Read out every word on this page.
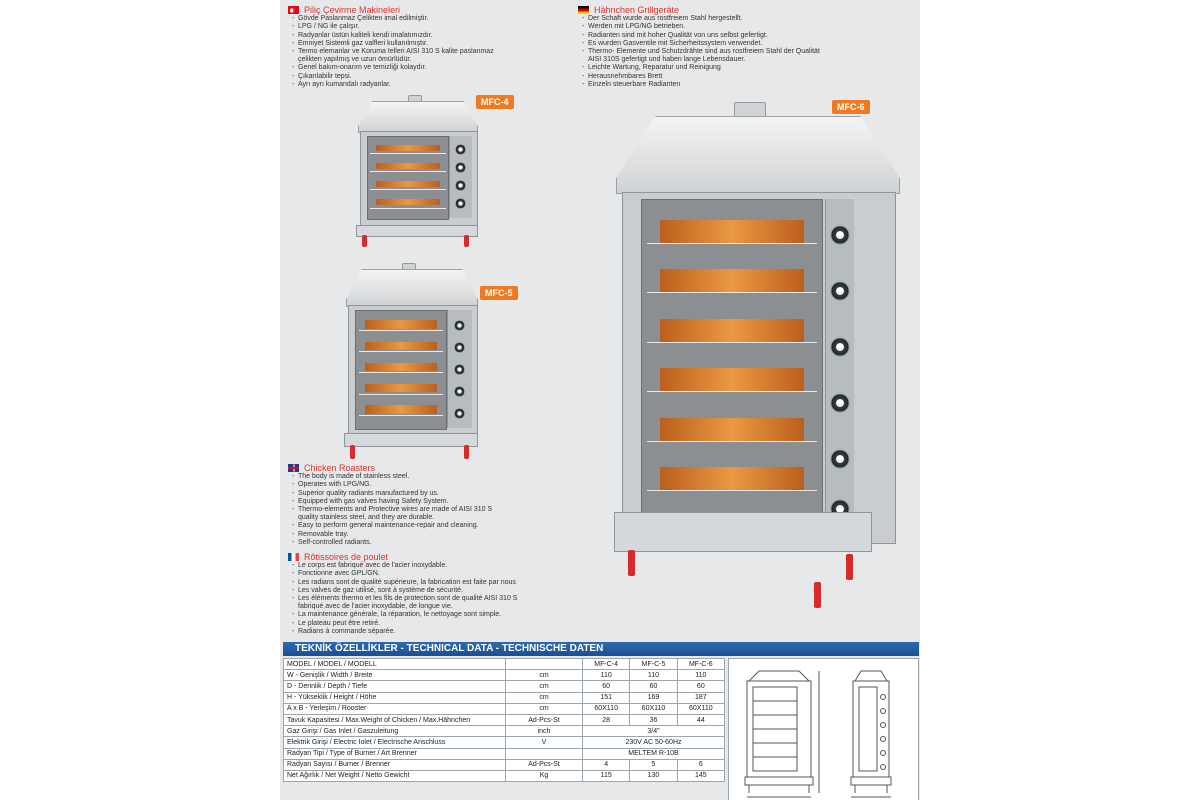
Piliç Çevirme Makineleri
- Gövde Paslanmaz Çelikten imal edilmiştir.
- LPG / NG ile çalışır.
- Radyanlar üstün kaliteli kendi imalatımızdır.
- Emniyet Sistemli gaz valfleri kullanılmıştır.
- Termo elemanlar ve Koruma telleri AISI 310 S kalite paslanmaz
çelikten yapılmış ve uzun ömürlüdür.
- Genel bakım-onarım ve temizliği kolaydır.
- Çıkarılabilir tepsi.
- Ayrı ayrı kumandalı radyanlar.
Hähnchen Grillgeräte
- Der Schaft wurde aus rostfreiem Stahl hergestellt.
- Werden mit LPG/NG betrieben.
- Radianten sind mit hoher Qualität von uns selbst gefertigt.
- Es wurden Gasventile mit Sicherheitssystem verwendet.
- Thermo- Elemente und Schutzdrähte sind aus rostfreiem Stahl der Qualität
AISI 310S gefertigt und haben lange Lebensdauer.
- Leichte Wartung, Reparatur und Reinigung
- Herausnehmbares Brett
- Einzeln steuerbare Radianten
MFC-4
MFC-5
MFC-6
Chicken Roasters
- The body is made of stainless steel.
- Operates with LPG/NG.
- Superior quality radiants manufactured by us.
- Equipped with gas valves having Safety System.
- Thermo-elements and Protective wires are made of AISI 310 S
quality stainless steel, and they are durable.
- Easy to perform general maintenance-repair and cleaning.
- Removable tray.
- Self-controlled radiants.
Rôtissoires de poulet
- Le corps est fabriqué avec de l'acier inoxydable.
- Fonctionne avec GPL/GN.
- Les radians sont de qualité supérieure, la fabrication est faite par nous
- Les valves de gaz utilisé, sont à système de sécurité.
- Les éléments thermo et les fils de protection sont de qualité AISI 310 S
fabriqué avec de l'acier inoxydable, de longue vie.
- La maintenance générale, la réparation, le nettoyage sont simple.
- Le plateau peut être retiré.
- Radians à commande séparée.
TEKNİK ÖZELLİKLER - TECHNICAL DATA - TECHNISCHE DATEN
MODEL / MODEL / MODELL		MF-C-4	MF-C-5	MF-C-6
W - Genişlik / Width / Breite	cm	110	110	110
D - Derinlik / Depth / Tiefe	cm	60	60	60
H - Yükseklik / Height / Höhe	cm	151	169	187
A x B - Yerleşim / Rooster	cm	60X110	60X110	60X110
Tavuk Kapasitesi / Max.Weight of Chicken / Max.Hähnchen	Ad-Pcs-St	28	36	44
Gaz Girişi / Gas Inlet / Gaszuleitung	inch	3/4"		
Elektrik Girişi / Electric Iolet / Electrische Anschluss	V	230V AC 50-60Hz		
Radyan Tipi / Type of Burner / Art Brenner		MELTEM R-10B		
Radyan Sayısı / Burner / Brenner	Ad-Pcs-St	4	5	6
Net Ağırlık / Net Weight / Netto Gewicht	Kg	115	130	145
